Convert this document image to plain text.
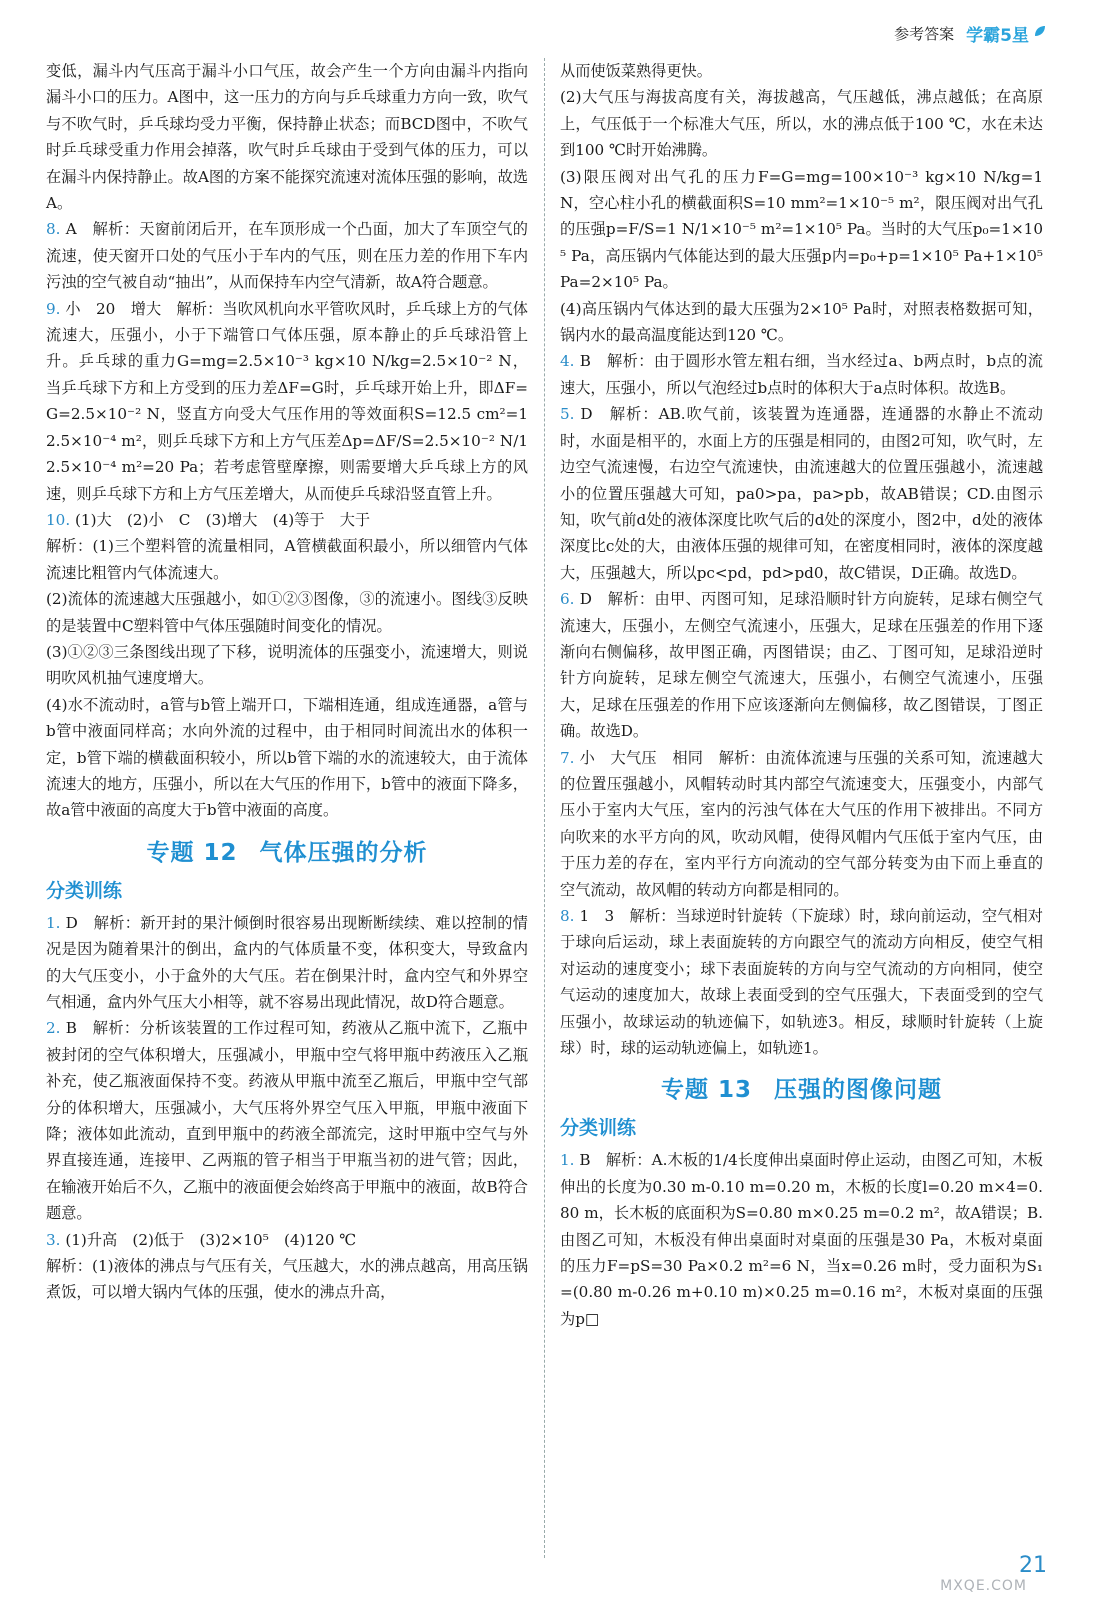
参考答案 学霸5星

变低，漏斗内气压高于漏斗小口气压，故会产生一个方向由漏斗内指向漏斗小口的压力。A图中，这一压力的方向与乒乓球重力方向一致，吹气与不吹气时，乒乓球均受力平衡，保持静止状态；而BCD图中，不吹气时乒乓球受重力作用会掉落，吹气时乒乓球由于受到气体的压力，可以在漏斗内保持静止。故A图的方案不能探究流速对流体压强的影响，故选A。

8. A　解析：天窗前闭后开，在车顶形成一个凸面，加大了车顶空气的流速，使天窗开口处的气压小于车内的气压，则在压力差的作用下车内污浊的空气被自动“抽出”，从而保持车内空气清新，故A符合题意。

9. 小　20　增大　解析：当吹风机向水平管吹风时，乒乓球上方的气体流速大，压强小，小于下端管口气体压强，原本静止的乒乓球沿管上升。乒乓球的重力G=mg=2.5×10⁻³ kg×10 N/kg=2.5×10⁻² N，当乒乓球下方和上方受到的压力差ΔF=G时，乒乓球开始上升，即ΔF=G=2.5×10⁻² N，竖直方向受大气压作用的等效面积S=12.5 cm²=12.5×10⁻⁴ m²，则乒乓球下方和上方气压差Δp=ΔF/S=2.5×10⁻² N/12.5×10⁻⁴ m²=20 Pa；若考虑管壁摩擦，则需要增大乒乓球上方的风速，则乒乓球下方和上方气压差增大，从而使乒乓球沿竖直管上升。

10. (1)大　(2)小　C　(3)增大　(4)等于　大于

解析：(1)三个塑料管的流量相同，A管横截面积最小，所以细管内气体流速比粗管内气体流速大。

(2)流体的流速越大压强越小，如①②③图像，③的流速小。图线③反映的是装置中C塑料管中气体压强随时间变化的情况。

(3)①②③三条图线出现了下移，说明流体的压强变小，流速增大，则说明吹风机抽气速度增大。

(4)水不流动时，a管与b管上端开口，下端相连通，组成连通器，a管与b管中液面同样高；水向外流的过程中，由于相同时间流出水的体积一定，b管下端的横截面积较小，所以b管下端的水的流速较大，由于流体流速大的地方，压强小，所以在大气压的作用下，b管中的液面下降多，故a管中液面的高度大于b管中液面的高度。

专题 12 气体压强的分析
分类训练

1. D　解析：新开封的果汁倾倒时很容易出现断断续续、难以控制的情况是因为随着果汁的倒出，盒内的气体质量不变，体积变大，导致盒内的大气压变小，小于盒外的大气压。若在倒果汁时，盒内空气和外界空气相通，盒内外气压大小相等，就不容易出现此情况，故D符合题意。

2. B　解析：分析该装置的工作过程可知，药液从乙瓶中流下，乙瓶中被封闭的空气体积增大，压强减小，甲瓶中空气将甲瓶中药液压入乙瓶补充，使乙瓶液面保持不变。药液从甲瓶中流至乙瓶后，甲瓶中空气部分的体积增大，压强减小，大气压将外界空气压入甲瓶，甲瓶中液面下降；液体如此流动，直到甲瓶中的药液全部流完，这时甲瓶中空气与外界直接连通，连接甲、乙两瓶的管子相当于甲瓶当初的进气管；因此，在输液开始后不久，乙瓶中的液面便会始终高于甲瓶中的液面，故B符合题意。

3. (1)升高　(2)低于　(3)2×10⁵　(4)120 ℃

解析：(1)液体的沸点与气压有关，气压越大，水的沸点越高，用高压锅煮饭，可以增大锅内气体的压强，使水的沸点升高，

从而使饭菜熟得更快。

(2)大气压与海拔高度有关，海拔越高，气压越低，沸点越低；在高原上，气压低于一个标准大气压，所以，水的沸点低于100 ℃，水在未达到100 ℃时开始沸腾。

(3)限压阀对出气孔的压力F=G=mg=100×10⁻³ kg×10 N/kg=1 N，空心柱小孔的横截面积S=10 mm²=1×10⁻⁵ m²，限压阀对出气孔的压强p=F/S=1 N/1×10⁻⁵ m²=1×10⁵ Pa。当时的大气压p₀=1×10⁵ Pa，高压锅内气体能达到的最大压强p内=p₀+p=1×10⁵ Pa+1×10⁵ Pa=2×10⁵ Pa。

(4)高压锅内气体达到的最大压强为2×10⁵ Pa时，对照表格数据可知，锅内水的最高温度能达到120 ℃。

4. B　解析：由于圆形水管左粗右细，当水经过a、b两点时，b点的流速大，压强小，所以气泡经过b点时的体积大于a点时体积。故选B。

5. D　解析：AB.吹气前，该装置为连通器，连通器的水静止不流动时，水面是相平的，水面上方的压强是相同的，由图2可知，吹气时，左边空气流速慢，右边空气流速快，由流速越大的位置压强越小，流速越小的位置压强越大可知，pa0>pa，pa>pb，故AB错误；CD.由图示知，吹气前d处的液体深度比吹气后的d处的深度小，图2中，d处的液体深度比c处的大，由液体压强的规律可知，在密度相同时，液体的深度越大，压强越大，所以pc<pd，pd>pd0，故C错误，D正确。故选D。

6. D　解析：由甲、丙图可知，足球沿顺时针方向旋转，足球右侧空气流速大，压强小，左侧空气流速小，压强大，足球在压强差的作用下逐渐向右侧偏移，故甲图正确，丙图错误；由乙、丁图可知，足球沿逆时针方向旋转，足球左侧空气流速大，压强小，右侧空气流速小，压强大，足球在压强差的作用下应该逐渐向左侧偏移，故乙图错误，丁图正确。故选D。

7. 小　大气压　相同　解析：由流体流速与压强的关系可知，流速越大的位置压强越小，风帽转动时其内部空气流速变大，压强变小，内部气压小于室内大气压，室内的污浊气体在大气压的作用下被排出。不同方向吹来的水平方向的风，吹动风帽，使得风帽内气压低于室内气压，由于压力差的存在，室内平行方向流动的空气部分转变为由下而上垂直的空气流动，故风帽的转动方向都是相同的。

8. 1　3　解析：当球逆时针旋转（下旋球）时，球向前运动，空气相对于球向后运动，球上表面旋转的方向跟空气的流动方向相反，使空气相对运动的速度变小；球下表面旋转的方向与空气流动的方向相同，使空气运动的速度加大，故球上表面受到的空气压强大，下表面受到的空气压强小，故球运动的轨迹偏下，如轨迹3。相反，球顺时针旋转（上旋球）时，球的运动轨迹偏上，如轨迹1。

专题 13 压强的图像问题
分类训练

1. B　解析：A.木板的1/4长度伸出桌面时停止运动，由图乙可知，木板伸出的长度为0.30 m-0.10 m=0.20 m，木板的长度l=0.20 m×4=0.80 m，长木板的底面积为S=0.80 m×0.25 m=0.2 m²，故A错误；B.由图乙可知，木板没有伸出桌面时对桌面的压强是30 Pa，木板对桌面的压力F=pS=30 Pa×0.2 m²=6 N，当x=0.26 m时，受力面积为S₁=(0.80 m-0.26 m+0.10 m)×0.25 m=0.16 m²，木板对桌面的压强为p□

MXQE.COM
21
